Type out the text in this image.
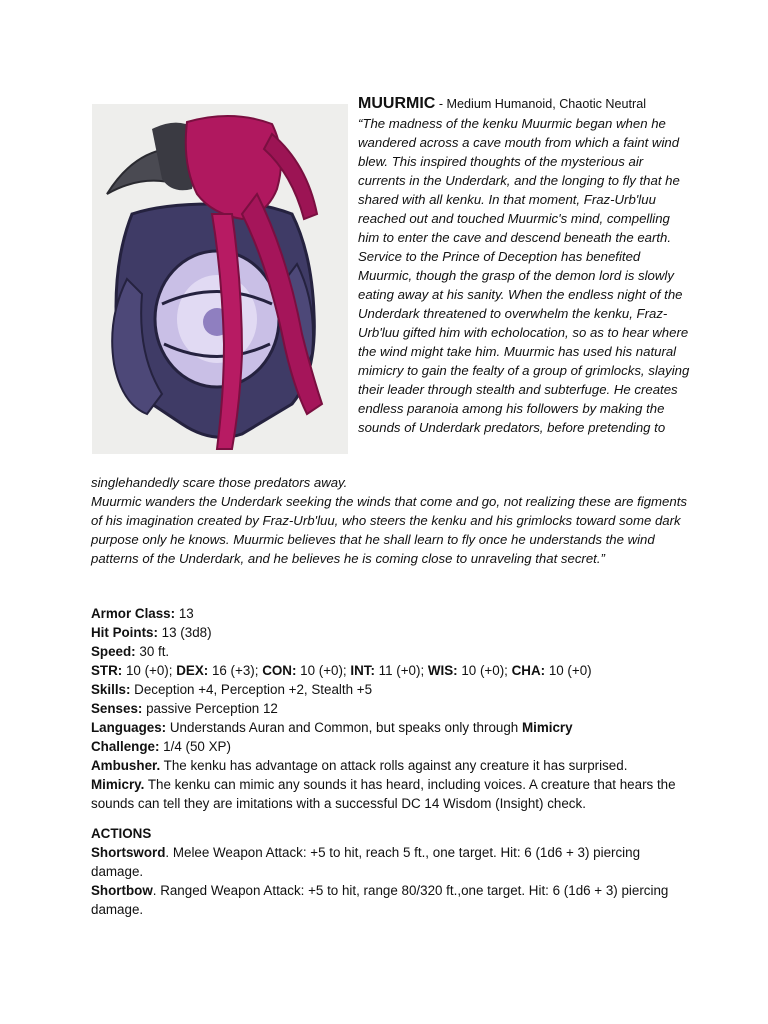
MUURMIC - Medium Humanoid, Chaotic Neutral

“The madness of the kenku Muurmic began when he wandered across a cave mouth from which a faint wind blew. This inspired thoughts of the mysterious air currents in the Underdark, and the longing to fly that he shared with all kenku. In that moment, Fraz-Urb'luu reached out and touched Muurmic's mind, compelling him to enter the cave and descend beneath the earth.

Service to the Prince of Deception has benefited Muurmic, though the grasp of the demon lord is slowly eating away at his sanity. When the endless night of the Underdark threatened to overwhelm the kenku, Fraz-Urb'luu gifted him with echolocation, so as to hear where the wind might take him. Muurmic has used his natural mimicry to gain the fealty of a group of grimlocks, slaying their leader through stealth and subterfuge. He creates endless paranoia among his followers by making the sounds of Underdark predators, before pretending to

singlehandedly scare those predators away.

Muurmic wanders the Underdark seeking the winds that come and go, not realizing these are figments of his imagination created by Fraz-Urb'luu, who steers the kenku and his grimlocks toward some dark purpose only he knows. Muurmic believes that he shall learn to fly once he understands the wind patterns of the Underdark, and he believes he is coming close to unraveling that secret.”

Armor Class: 13
Hit Points: 13 (3d8)
Speed: 30 ft.
STR: 10 (+0); DEX: 16 (+3); CON: 10 (+0); INT: 11 (+0); WIS: 10 (+0); CHA: 10 (+0)
Skills: Deception +4, Perception +2, Stealth +5
Senses: passive Perception 12
Languages: Understands Auran and Common, but speaks only through Mimicry
Challenge: 1/4 (50 XP)
Ambusher. The kenku has advantage on attack rolls against any creature it has surprised.
Mimicry. The kenku can mimic any sounds it has heard, including voices. A creature that hears the sounds can tell they are imitations with a successful DC 14 Wisdom (Insight) check.
ACTIONS
Shortsword. Melee Weapon Attack: +5 to hit, reach 5 ft., one target. Hit: 6 (1d6 + 3) piercing damage.
Shortbow. Ranged Weapon Attack: +5 to hit, range 80/320 ft.,one target. Hit: 6 (1d6 + 3) piercing damage.
